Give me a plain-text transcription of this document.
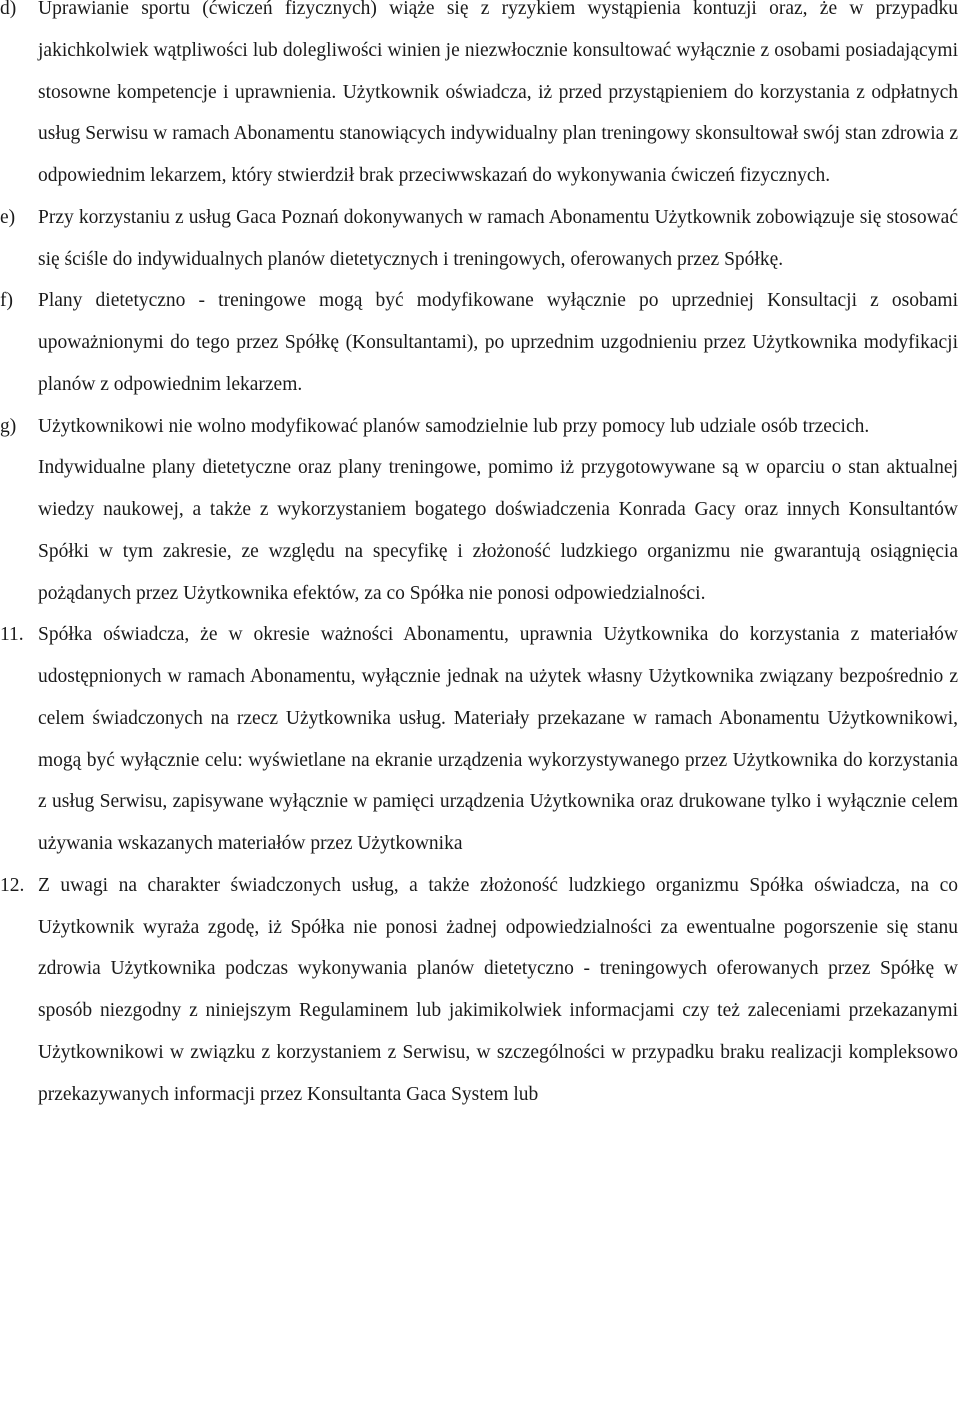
d)	Uprawianie sportu (ćwiczeń fizycznych) wiąże się z ryzykiem wystąpienia kontuzji oraz, że w przypadku jakichkolwiek wątpliwości lub dolegliwości winien je niezwłocznie konsultować wyłącznie z osobami posiadającymi stosowne kompetencje i uprawnienia. Użytkownik oświadcza, iż przed przystąpieniem do korzystania z odpłatnych usług Serwisu w ramach Abonamentu stanowiących indywidualny plan treningowy skonsultował swój stan zdrowia z odpowiednim lekarzem, który stwierdził brak przeciwwskazań do wykonywania ćwiczeń fizycznych.
e)	Przy korzystaniu z usług Gaca Poznań dokonywanych w ramach Abonamentu Użytkownik zobowiązuje się stosować się ściśle do indywidualnych planów dietetycznych i treningowych, oferowanych przez Spółkę.
f)	Plany dietetyczno - treningowe mogą być modyfikowane wyłącznie po uprzedniej Konsultacji z osobami upoważnionymi do tego przez Spółkę (Konsultantami), po uprzednim uzgodnieniu przez Użytkownika modyfikacji planów z odpowiednim lekarzem.
g)	Użytkownikowi nie wolno modyfikować planów samodzielnie lub przy pomocy lub udziale osób trzecich.

Indywidualne plany dietetyczne oraz plany treningowe, pomimo iż przygotowywane są w oparciu o stan aktualnej wiedzy naukowej, a także z wykorzystaniem bogatego doświadczenia Konrada Gacy oraz innych Konsultantów Spółki w tym zakresie, ze względu na specyfikę i złożoność ludzkiego organizmu nie gwarantują osiągnięcia pożądanych przez Użytkownika efektów, za co Spółka nie ponosi odpowiedzialności.

11. Spółka oświadcza, że w okresie ważności Abonamentu, uprawnia Użytkownika do korzystania z materiałów udostępnionych w ramach Abonamentu, wyłącznie jednak na użytek własny Użytkownika związany bezpośrednio z celem świadczonych na rzecz Użytkownika usług. Materiały przekazane w ramach Abonamentu Użytkownikowi, mogą być wyłącznie celu: wyświetlane na ekranie urządzenia wykorzystywanego przez Użytkownika do korzystania z usług Serwisu, zapisywane wyłącznie w pamięci urządzenia Użytkownika oraz drukowane tylko i wyłącznie celem używania wskazanych materiałów przez Użytkownika
12. Z uwagi na charakter świadczonych usług, a także złożoność ludzkiego organizmu Spółka oświadcza, na co Użytkownik wyraża zgodę, iż Spółka nie ponosi żadnej odpowiedzialności za ewentualne pogorszenie się stanu zdrowia Użytkownika podczas wykonywania planów dietetyczno - treningowych oferowanych przez Spółkę w sposób niezgodny z niniejszym Regulaminem lub jakimikolwiek informacjami czy też zaleceniami przekazanymi Użytkownikowi w związku z korzystaniem z Serwisu, w szczególności w przypadku braku realizacji kompleksowo przekazywanych informacji przez Konsultanta Gaca System lub
